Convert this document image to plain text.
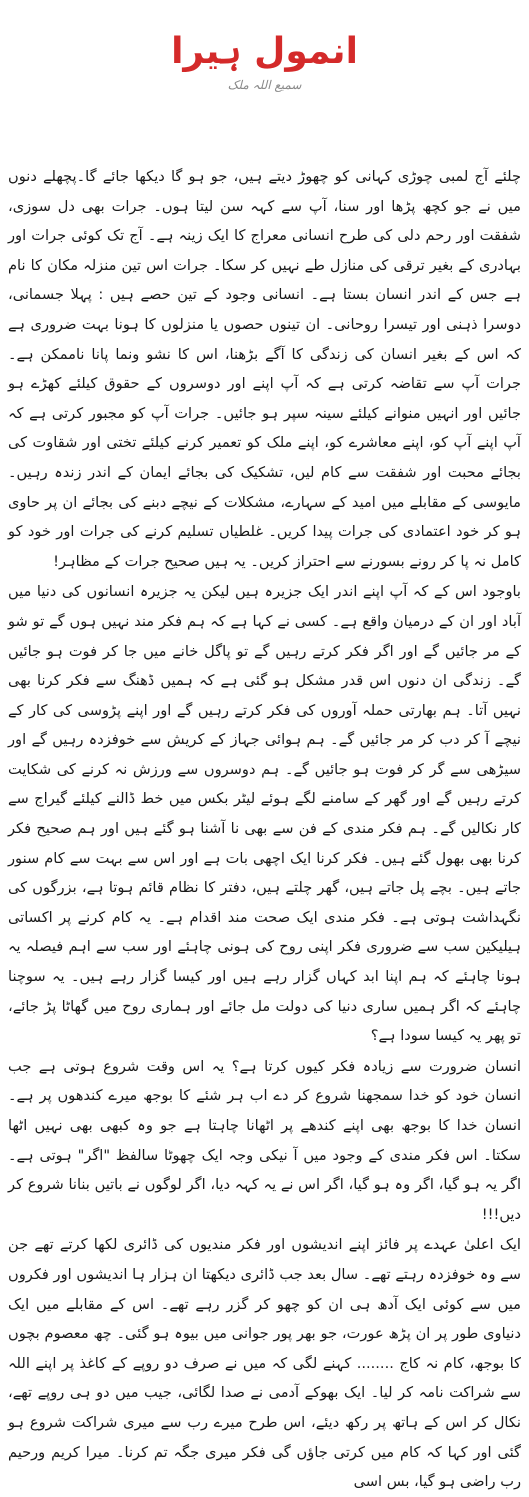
انمول ہیرا
سمیع اللہ ملک

چلئے آج لمبی چوڑی کہانی کو چھوڑ دیتے ہیں، جو ہو گا دیکھا جائے گا۔پچھلے دنوں میں نے جو کچھ پڑھا اور سنا، آپ سے کہہ سن لیتا ہوں۔ جرات بھی دل سوزی، شفقت اور رحم دلی کی طرح انسانی معراج کا ایک زینہ ہے۔ آج تک کوئی جرات اور بہادری کے بغیر ترقی کی منازل طے نہیں کر سکا۔ جرات اس تین منزلہ مکان کا نام ہے جس کے اندر انسان بستا ہے۔ انسانی وجود کے تین حصے ہیں : پہلا جسمانی، دوسرا ذہنی اور تیسرا روحانی۔ ان تینوں حصوں یا منزلوں کا ہونا بہت ضروری ہے کہ اس کے بغیر انسان کی زندگی کا آگے بڑھنا، اس کا نشو ونما پانا ناممکن ہے۔ جرات آپ سے تقاضہ کرتی ہے کہ آپ اپنے اور دوسروں کے حقوق کیلئے کھڑے ہو جائیں اور انہیں منوانے کیلئے سینہ سپر ہو جائیں۔ جرات آپ کو مجبور کرتی ہے کہ آپ اپنے آپ کو، اپنے معاشرے کو، اپنے ملک کو تعمیر کرنے کیلئے تختی اور شقاوت کی بجائے محبت اور شفقت سے کام لیں، تشکیک کی بجائے ایمان کے اندر زندہ رہیں۔ مایوسی کے مقابلے میں امید کے سہارے، مشکلات کے نیچے دبنے کی بجائے ان پر حاوی ہو کر خود اعتمادی کی جرات پیدا کریں۔ غلطیاں تسلیم کرنے کی جرات اور خود کو کامل نہ پا کر رونے بسورنے سے احتراز کریں۔ یہ ہیں صحیح جرات کے مظاہر!

باوجود اس کے کہ آپ اپنے اندر ایک جزیرہ ہیں لیکن یہ جزیرہ انسانوں کی دنیا میں آباد اور ان کے درمیان واقع ہے۔ کسی نے کہا ہے کہ ہم فکر مند نہیں ہوں گے تو شو کے مر جائیں گے اور اگر فکر کرتے رہیں گے تو پاگل خانے میں جا کر فوت ہو جائیں گے۔ زندگی ان دنوں اس قدر مشکل ہو گئی ہے کہ ہمیں ڈھنگ سے فکر کرنا بھی نہیں آتا۔ ہم بھارتی حملہ آوروں کی فکر کرتے رہیں گے اور اپنے پڑوسی کی کار کے نیچے آ کر دب کر مر جائیں گے۔ ہم ہوائی جہاز کے کریش سے خوفزدہ رہیں گے اور سیڑھی سے گر کر فوت ہو جائیں گے۔ ہم دوسروں سے ورزش نہ کرنے کی شکایت کرتے رہیں گے اور گھر کے سامنے لگے ہوئے لیٹر بکس میں خط ڈالنے کیلئے گیراج سے کار نکالیں گے۔ ہم فکر مندی کے فن سے بھی نا آشنا ہو گئے ہیں اور ہم صحیح فکر کرنا بھی بھول گئے ہیں۔ فکر کرنا ایک اچھی بات ہے اور اس سے بہت سے کام سنور جاتے ہیں۔ بچے پل جاتے ہیں، گھر چلتے ہیں، دفتر کا نظام قائم ہوتا ہے، بزرگوں کی نگہداشت ہوتی ہے۔ فکر مندی ایک صحت مند اقدام ہے۔ یہ کام کرنے پر اکساتی ہیلیکین سب سے ضروری فکر اپنی روح کی ہونی چاہئے اور سب سے اہم فیصلہ یہ ہونا چاہئے کہ ہم اپنا ابد کہاں گزار رہے ہیں اور کیسا گزار رہے ہیں۔ یہ سوچنا چاہئے کہ اگر ہمیں ساری دنیا کی دولت مل جائے اور ہماری روح میں گھاٹا پڑ جائے، تو پھر یہ کیسا سودا ہے؟

انسان ضرورت سے زیادہ فکر کیوں کرتا ہے؟ یہ اس وقت شروع ہوتی ہے جب انسان خود کو خدا سمجھنا شروع کر دے اب ہر شئے کا بوجھ میرے کندھوں پر ہے۔ انسان خدا کا بوجھ بھی اپنے کندھے پر اٹھانا چاہتا ہے جو وہ کبھی بھی نہیں اٹھا سکتا۔ اس فکر مندی کے وجود میں آ نیکی وجہ ایک چھوٹا سالفظ "اگر" ہوتی ہے۔ اگر یہ ہو گیا، اگر وہ ہو گیا، اگر اس نے یہ کہہ دیا، اگر لوگوں نے باتیں بنانا شروع کر دیں!!!

ایک اعلیٰ عہدے پر فائز اپنے اندیشوں اور فکر مندیوں کی ڈائری لکھا کرتے تھے جن سے وہ خوفزدہ رہتے تھے۔ سال بعد جب ڈائری دیکھتا ان ہزار ہا اندیشوں اور فکروں میں سے کوئی ایک آدھ ہی ان کو چھو کر گزر رہے تھے۔ اس کے مقابلے میں ایک دنیاوی طور پر ان پڑھ عورت، جو بھر پور جوانی میں بیوہ ہو گئی۔ چھ معصوم بچوں کا بوجھ، کام نہ کاج ........ کہنے لگی کہ میں نے صرف دو روپے کے کاغذ پر اپنے اللہ سے شراکت نامہ کر لیا۔ ایک بھوکے آدمی نے صدا لگائی، جیب میں دو ہی روپے تھے، نکال کر اس کے ہاتھ پر رکھ دیئے، اس طرح میرے رب سے میری شراکت شروع ہو گئی اور کہا کہ کام میں کرتی جاؤں گی فکر میری جگہ تم کرنا۔ میرا کریم ورحیم رب راضی ہو گیا، بس اسی
